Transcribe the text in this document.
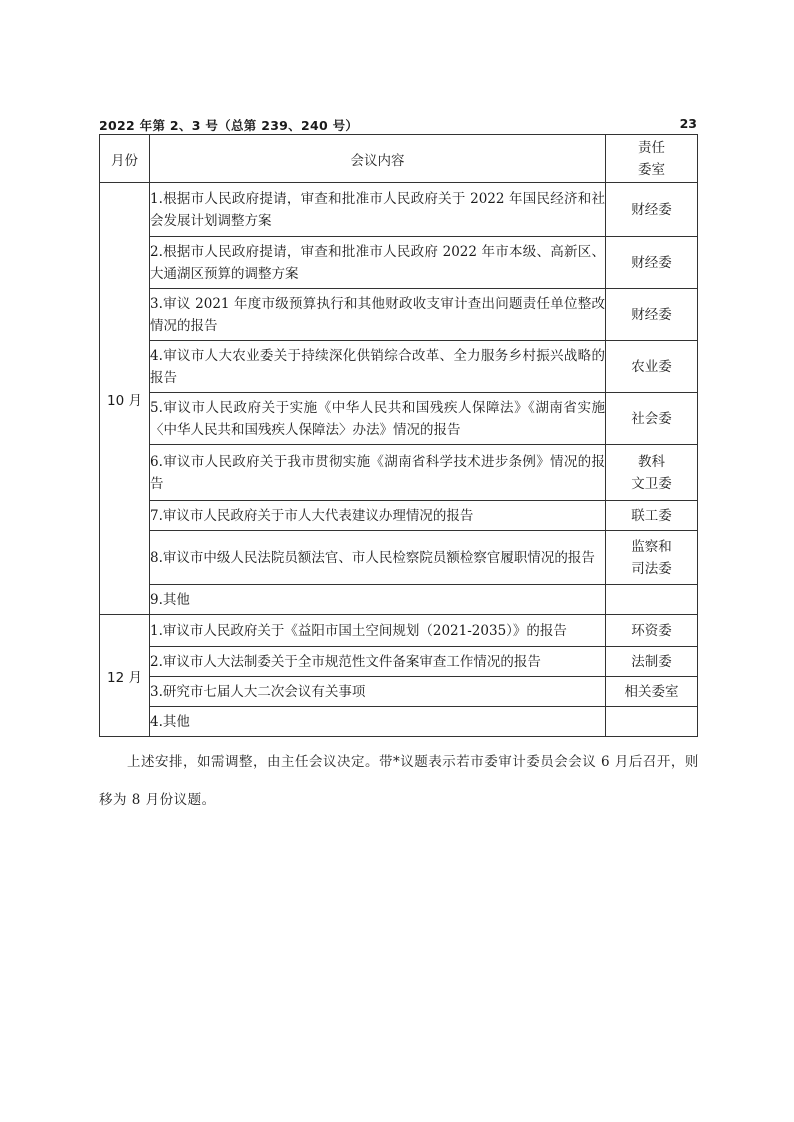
2022 年第 2、3 号（总第 239、240 号）	23
月份	会议内容	责任
委室

10 月	1.根据市人民政府提请，审查和批准市人民政府关于 2022 年国民经济和社会发展计划调整方案	财经委

	2.根据市人民政府提请，审查和批准市人民政府 2022 年市本级、高新区、大通湖区预算的调整方案	财经委

	3.审议 2021 年度市级预算执行和其他财政收支审计查出问题责任单位整改情况的报告	财经委

	4.审议市人大农业委关于持续深化供销综合改革、全力服务乡村振兴战略的报告	农业委

	5.审议市人民政府关于实施《中华人民共和国残疾人保障法》《湖南省实施〈中华人民共和国残疾人保障法〉办法》情况的报告	社会委

	6.审议市人民政府关于我市贯彻实施《湖南省科学技术进步条例》情况的报告	教科
文卫委

	7.审议市人民政府关于市人大代表建议办理情况的报告	联工委

	8.审议市中级人民法院员额法官、市人民检察院员额检察官履职情况的报告	监察和
司法委

	9.其他	

12 月	1.审议市人民政府关于《益阳市国土空间规划（2021-2035）》的报告	环资委

	2.审议市人大法制委关于全市规范性文件备案审查工作情况的报告	法制委

	3.研究市七届人大二次会议有关事项	相关委室

	4.其他	
上述安排，如需调整，由主任会议决定。带*议题表示若市委审计委员会会议 6 月后召开，则
移为 8 月份议题。
